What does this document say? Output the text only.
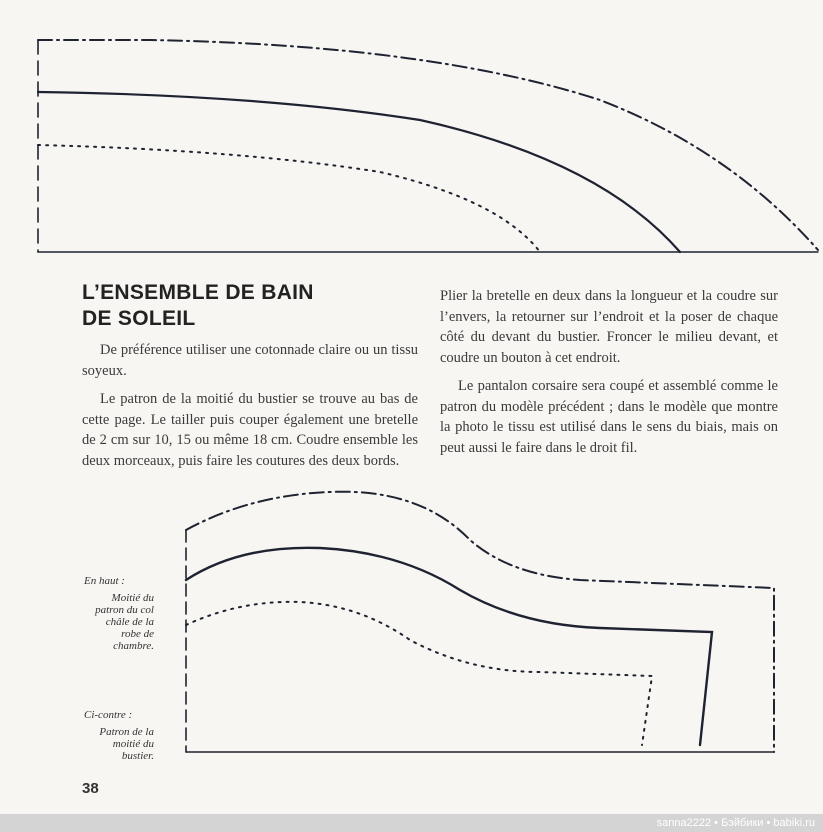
L’ENSEMBLE DE BAIN
DE SOLEIL

De préférence utiliser une cotonnade claire ou un tissu soyeux.

Le patron de la moitié du bustier se trouve au bas de cette page. Le tailler puis couper également une bretelle de 2 cm sur 10, 15 ou même 18 cm. Coudre ensemble les deux morceaux, puis faire les coutures des deux bords.

Plier la bretelle en deux dans la longueur et la coudre sur l’envers, la retourner sur l’endroit et la poser de chaque côté du devant du bustier. Froncer le milieu devant, et coudre un bouton à cet endroit.

Le pantalon corsaire sera coupé et assemblé comme le patron du modèle précédent ; dans le modèle que montre la photo le tissu est utilisé dans le sens du biais, mais on peut aussi le faire dans le droit fil.

En haut :
Moitié du patron du col châle de la robe de chambre.
Ci-contre :
Patron de la moitié du bustier.
38
sanna2222 • Бэйбики • babiki.ru
